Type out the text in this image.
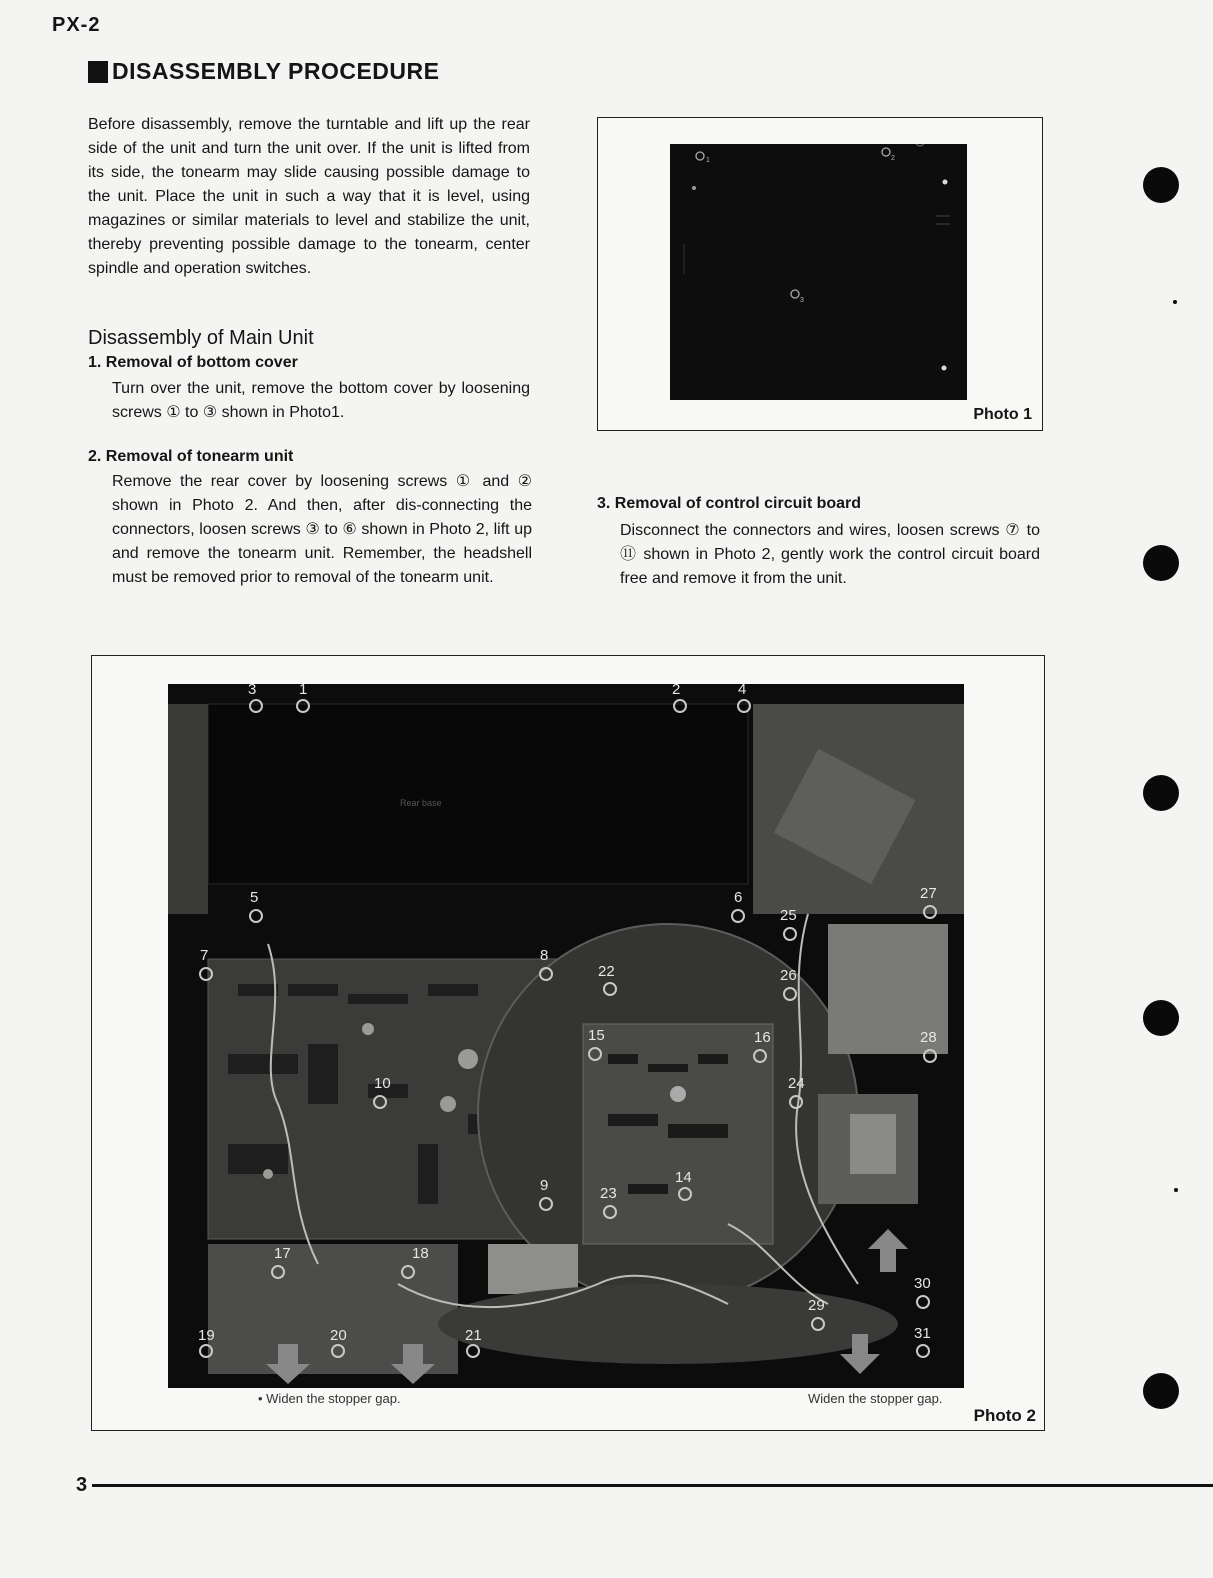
PX-2
DISASSEMBLY PROCEDURE
Before disassembly, remove the turntable and lift up the rear side of the unit and turn the unit over. If the unit is lifted from its side, the tonearm may slide causing possible damage to the unit. Place the unit in such a way that it is level, using magazines or similar materials to level and stabilize the unit, thereby preventing possible damage to the tonearm, center spindle and operation switches.
Disassembly of Main Unit
1. Removal of bottom cover
Turn over the unit, remove the bottom cover by loosening screws ① to ③ shown in Photo1.
2. Removal of tonearm unit
Remove the rear cover by loosening screws ① and ② shown in Photo 2. And then, after dis-connecting the connectors, loosen screws ③ to ⑥ shown in Photo 2, lift up and remove the tonearm unit. Remember, the headshell must be removed prior to removal of the tonearm unit.
3. Removal of control circuit board
Disconnect the connectors and wires, loosen screws ⑦ to ⑪ shown in Photo 2, gently work the control circuit board free and remove it from the unit.
1	2
3
Photo 1
Rear base
3	1	2	4
5	6
7	8
9
10
15	16
17	18
19	20	21
22
23
14
24
25
26
27
28
29
30
31
• Widen the stopper gap.	Widen the stopper gap.
Photo 2
3
